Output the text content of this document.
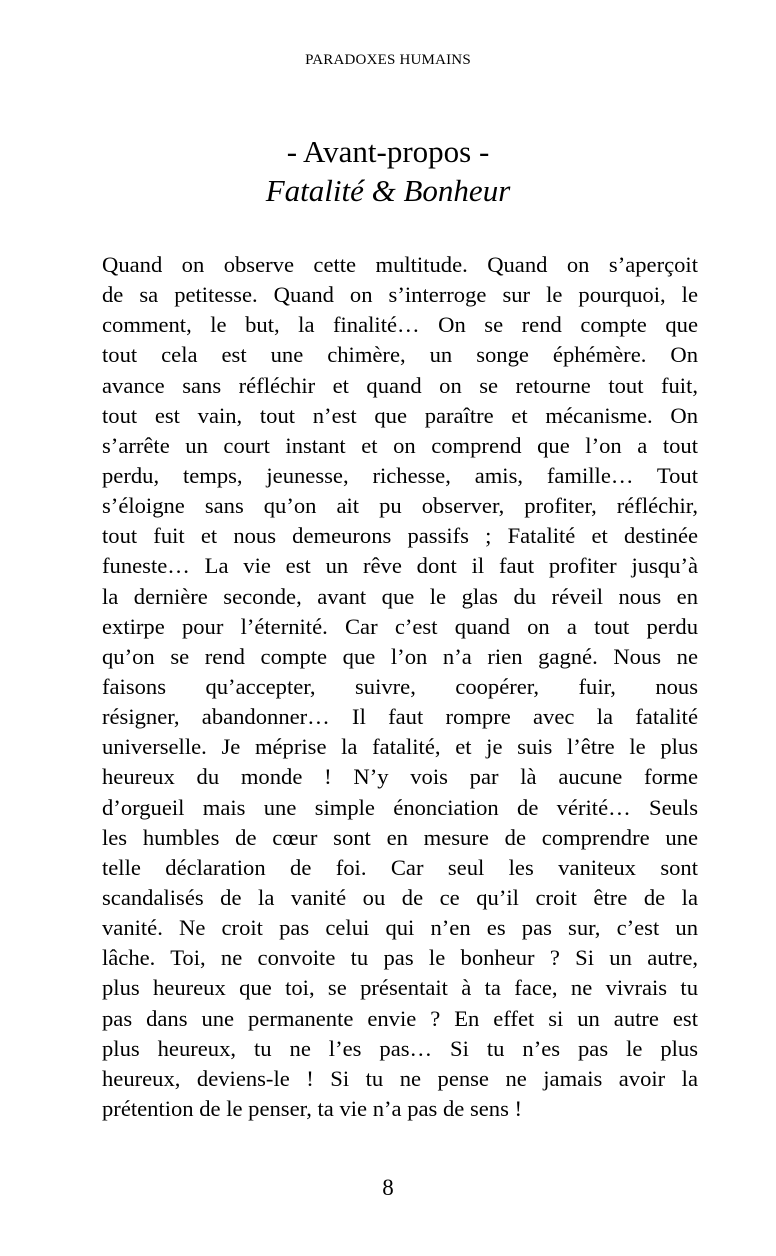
PARADOXES HUMAINS
- Avant-propos -
Fatalité & Bonheur
Quand on observe cette multitude. Quand on s’aperçoit
de sa petitesse. Quand on s’interroge sur le pourquoi, le
comment, le but, la finalité… On se rend compte que
tout cela est une chimère, un songe éphémère. On
avance sans réfléchir et quand on se retourne tout fuit,
tout est vain, tout n’est que paraître et mécanisme. On
s’arrête un court instant et on comprend que l’on a tout
perdu, temps, jeunesse, richesse, amis, famille… Tout
s’éloigne sans qu’on ait pu observer, profiter, réfléchir,
tout fuit et nous demeurons passifs ; Fatalité et destinée
funeste… La vie est un rêve dont il faut profiter jusqu’à
la dernière seconde, avant que le glas du réveil nous en
extirpe pour l’éternité. Car c’est quand on a tout perdu
qu’on se rend compte que l’on n’a rien gagné. Nous ne
faisons qu’accepter, suivre, coopérer, fuir, nous
résigner, abandonner… Il faut rompre avec la fatalité
universelle. Je méprise la fatalité, et je suis l’être le plus
heureux du monde ! N’y vois par là aucune forme
d’orgueil mais une simple énonciation de vérité… Seuls
les humbles de cœur sont en mesure de comprendre une
telle déclaration de foi. Car seul les vaniteux sont
scandalisés de la vanité ou de ce qu’il croit être de la
vanité. Ne croit pas celui qui n’en es pas sur, c’est un
lâche. Toi, ne convoite tu pas le bonheur ? Si un autre,
plus heureux que toi, se présentait à ta face, ne vivrais tu
pas dans une permanente envie ? En effet si un autre est
plus heureux, tu ne l’es pas… Si tu n’es pas le plus
heureux, deviens-le ! Si tu ne pense ne jamais avoir la
prétention de le penser, ta vie n’a pas de sens !
8
